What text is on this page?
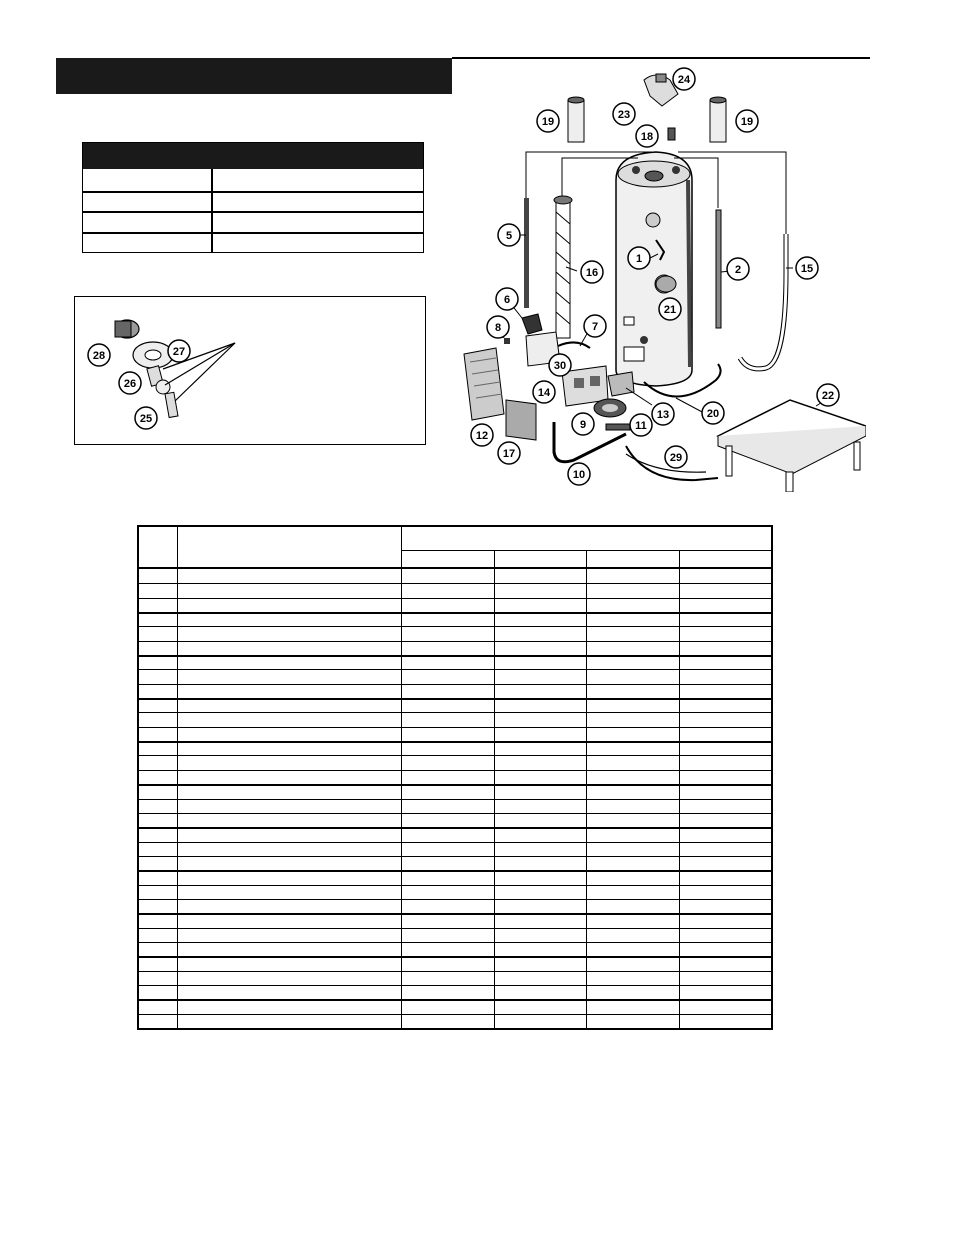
28	27
26
25
1
2
5
6
7
8
9
10
11
12
13
14
15
16
17
18
19	19
20
21
22
23
24
29
30
